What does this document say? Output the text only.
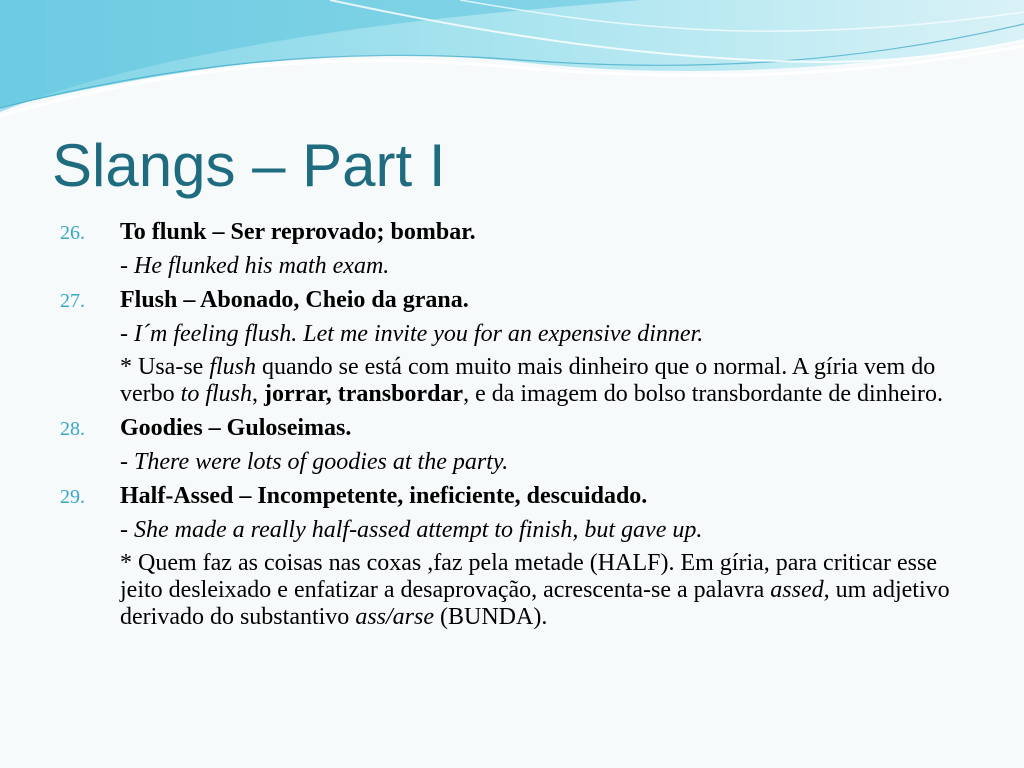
Slangs – Part I
26.	To flunk – Ser reprovado; bombar.
- He flunked his math exam.
27.	Flush – Abonado, Cheio da grana.
- I´m feeling flush. Let me invite you for an expensive dinner.
* Usa-se flush quando se está com muito mais dinheiro que o normal. A gíria vem do verbo to flush, jorrar, transbordar, e da imagem do bolso transbordante de dinheiro.
28.	Goodies – Guloseimas.
- There were lots of goodies at the party.
29.	Half-Assed – Incompetente, ineficiente, descuidado.
- She made a really half-assed attempt to finish, but gave up.
* Quem faz as coisas nas coxas ,faz pela metade (HALF). Em gíria, para criticar esse jeito desleixado e enfatizar a desaprovação, acrescenta-se a palavra assed, um adjetivo derivado do substantivo ass/arse (BUNDA).
